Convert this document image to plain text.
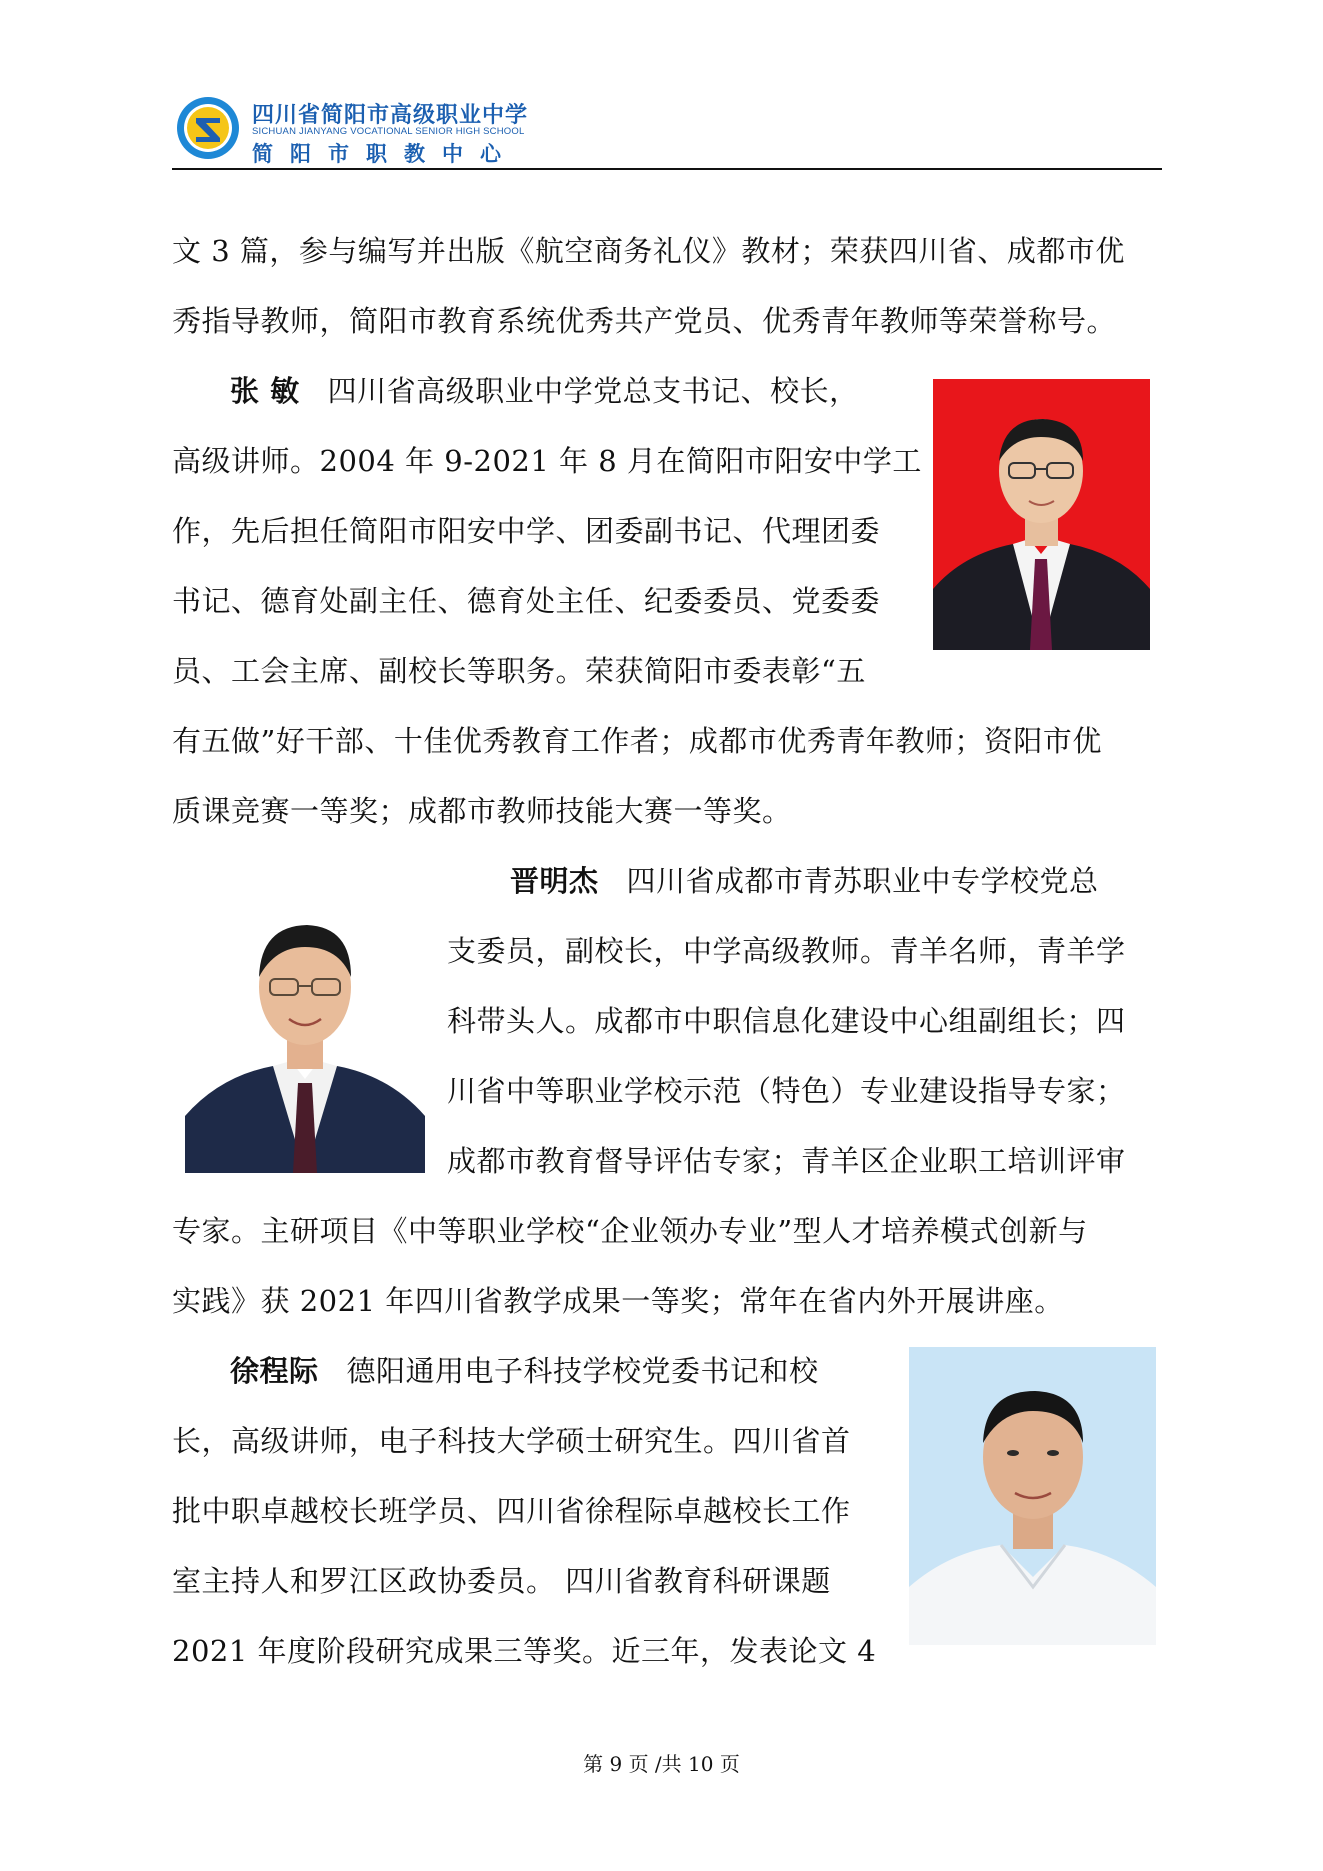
四川省简阳市高级职业中学
SICHUAN JIANYANG VOCATIONAL SENIOR HIGH SCHOOL
简阳市职教中心
文 3 篇，参与编写并出版《航空商务礼仪》教材；荣获四川省、成都市优
秀指导教师，简阳市教育系统优秀共产党员、优秀青年教师等荣誉称号。
张 敏 四川省高级职业中学党总支书记、校长，
高级讲师。2004 年 9-2021 年 8 月在简阳市阳安中学工
作，先后担任简阳市阳安中学、团委副书记、代理团委
书记、德育处副主任、德育处主任、纪委委员、党委委
员、工会主席、副校长等职务。荣获简阳市委表彰“五
有五做”好干部、十佳优秀教育工作者；成都市优秀青年教师；资阳市优
质课竞赛一等奖；成都市教师技能大赛一等奖。
晋明杰 四川省成都市青苏职业中专学校党总
支委员，副校长，中学高级教师。青羊名师，青羊学
科带头人。成都市中职信息化建设中心组副组长；四
川省中等职业学校示范（特色）专业建设指导专家；
成都市教育督导评估专家；青羊区企业职工培训评审
专家。主研项目《中等职业学校“企业领办专业”型人才培养模式创新与
实践》获 2021 年四川省教学成果一等奖；常年在省内外开展讲座。
徐程际 德阳通用电子科技学校党委书记和校
长，高级讲师，电子科技大学硕士研究生。四川省首
批中职卓越校长班学员、四川省徐程际卓越校长工作
室主持人和罗江区政协委员。 四川省教育科研课题
2021 年度阶段研究成果三等奖。近三年，发表论文 4
第 9 页 /共 10 页
